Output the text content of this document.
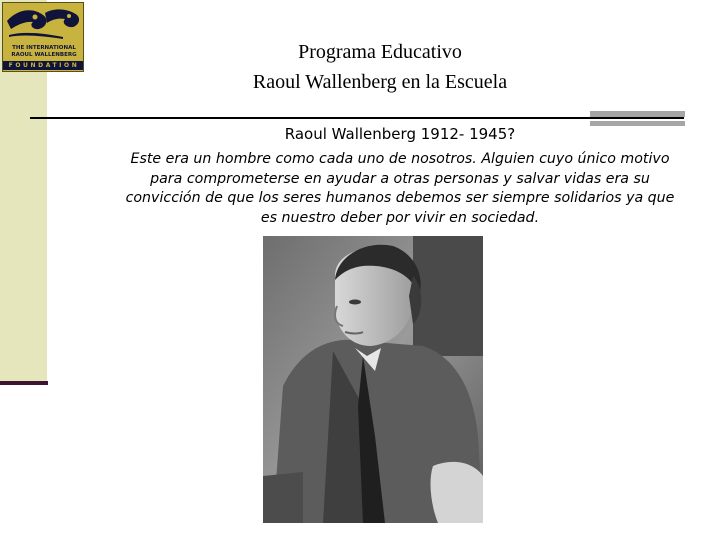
THE INTERNATIONAL
RAOUL WALLENBERG
FOUNDATION
Programa Educativo
Raoul Wallenberg en la Escuela
Raoul Wallenberg 1912- 1945?

Este era un hombre como cada uno de nosotros. Alguien cuyo único motivo para comprometerse en ayudar a otras personas y salvar vidas era su convicción de que los seres humanos debemos ser siempre solidarios ya que es nuestro deber por vivir en sociedad.
